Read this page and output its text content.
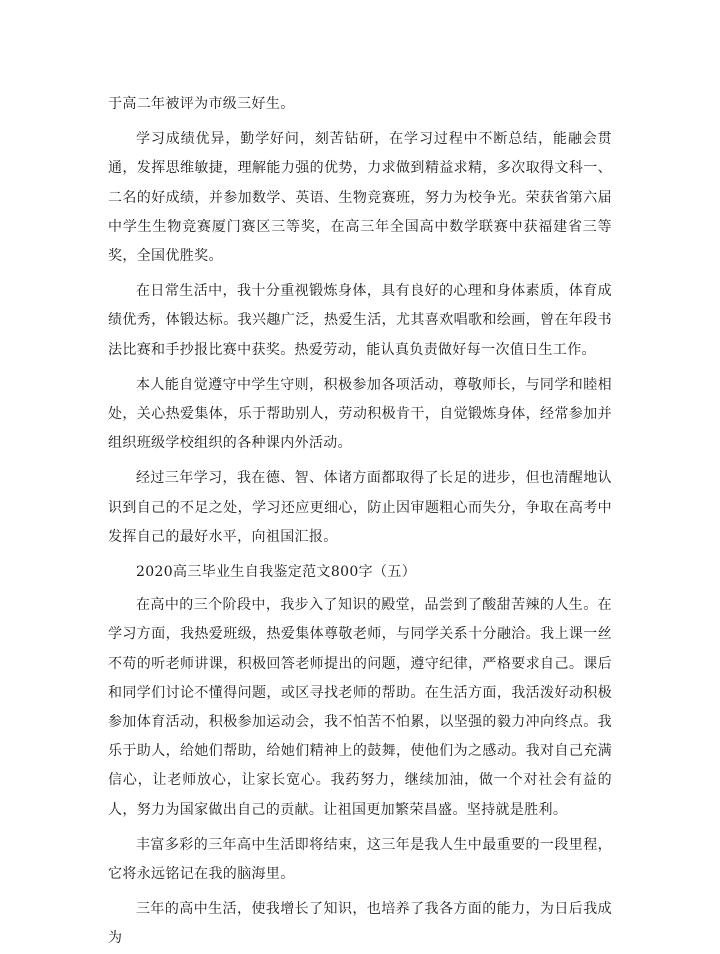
于高二年被评为市级三好生。

学习成绩优异，勤学好问，刻苦钻研，在学习过程中不断总结，能融会贯通，发挥思维敏捷，理解能力强的优势，力求做到精益求精，多次取得文科一、二名的好成绩，并参加数学、英语、生物竞赛班，努力为校争光。荣获省第六届中学生生物竞赛厦门赛区三等奖，在高三年全国高中数学联赛中获福建省三等奖，全国优胜奖。

在日常生活中，我十分重视锻炼身体，具有良好的心理和身体素质，体育成绩优秀，体锻达标。我兴趣广泛，热爱生活，尤其喜欢唱歌和绘画，曾在年段书法比赛和手抄报比赛中获奖。热爱劳动，能认真负责做好每一次值日生工作。

本人能自觉遵守中学生守则，积极参加各项活动，尊敬师长，与同学和睦相处，关心热爱集体，乐于帮助别人，劳动积极肯干，自觉锻炼身体，经常参加并组织班级学校组织的各种课内外活动。

经过三年学习，我在德、智、体诸方面都取得了长足的进步，但也清醒地认识到自己的不足之处，学习还应更细心，防止因审题粗心而失分，争取在高考中发挥自己的最好水平，向祖国汇报。

2020高三毕业生自我鉴定范文800字（五）

在高中的三个阶段中，我步入了知识的殿堂，品尝到了酸甜苦辣的人生。在学习方面，我热爱班级，热爱集体尊敬老师，与同学关系十分融洽。我上课一丝不苟的听老师讲课，积极回答老师提出的问题，遵守纪律，严格要求自己。课后和同学们讨论不懂得问题，或区寻找老师的帮助。在生活方面，我活泼好动积极参加体育活动，积极参加运动会，我不怕苦不怕累，以坚强的毅力冲向终点。我乐于助人，给她们帮助，给她们精神上的鼓舞，使他们为之感动。我对自己充满信心，让老师放心，让家长宽心。我药努力，继续加油，做一个对社会有益的人，努力为国家做出自己的贡献。让祖国更加繁荣昌盛。坚持就是胜利。

丰富多彩的三年高中生活即将结束，这三年是我人生中最重要的一段里程，它将永远铭记在我的脑海里。

三年的高中生活，使我增长了知识，也培养了我各方面的能力，为日后我成为
